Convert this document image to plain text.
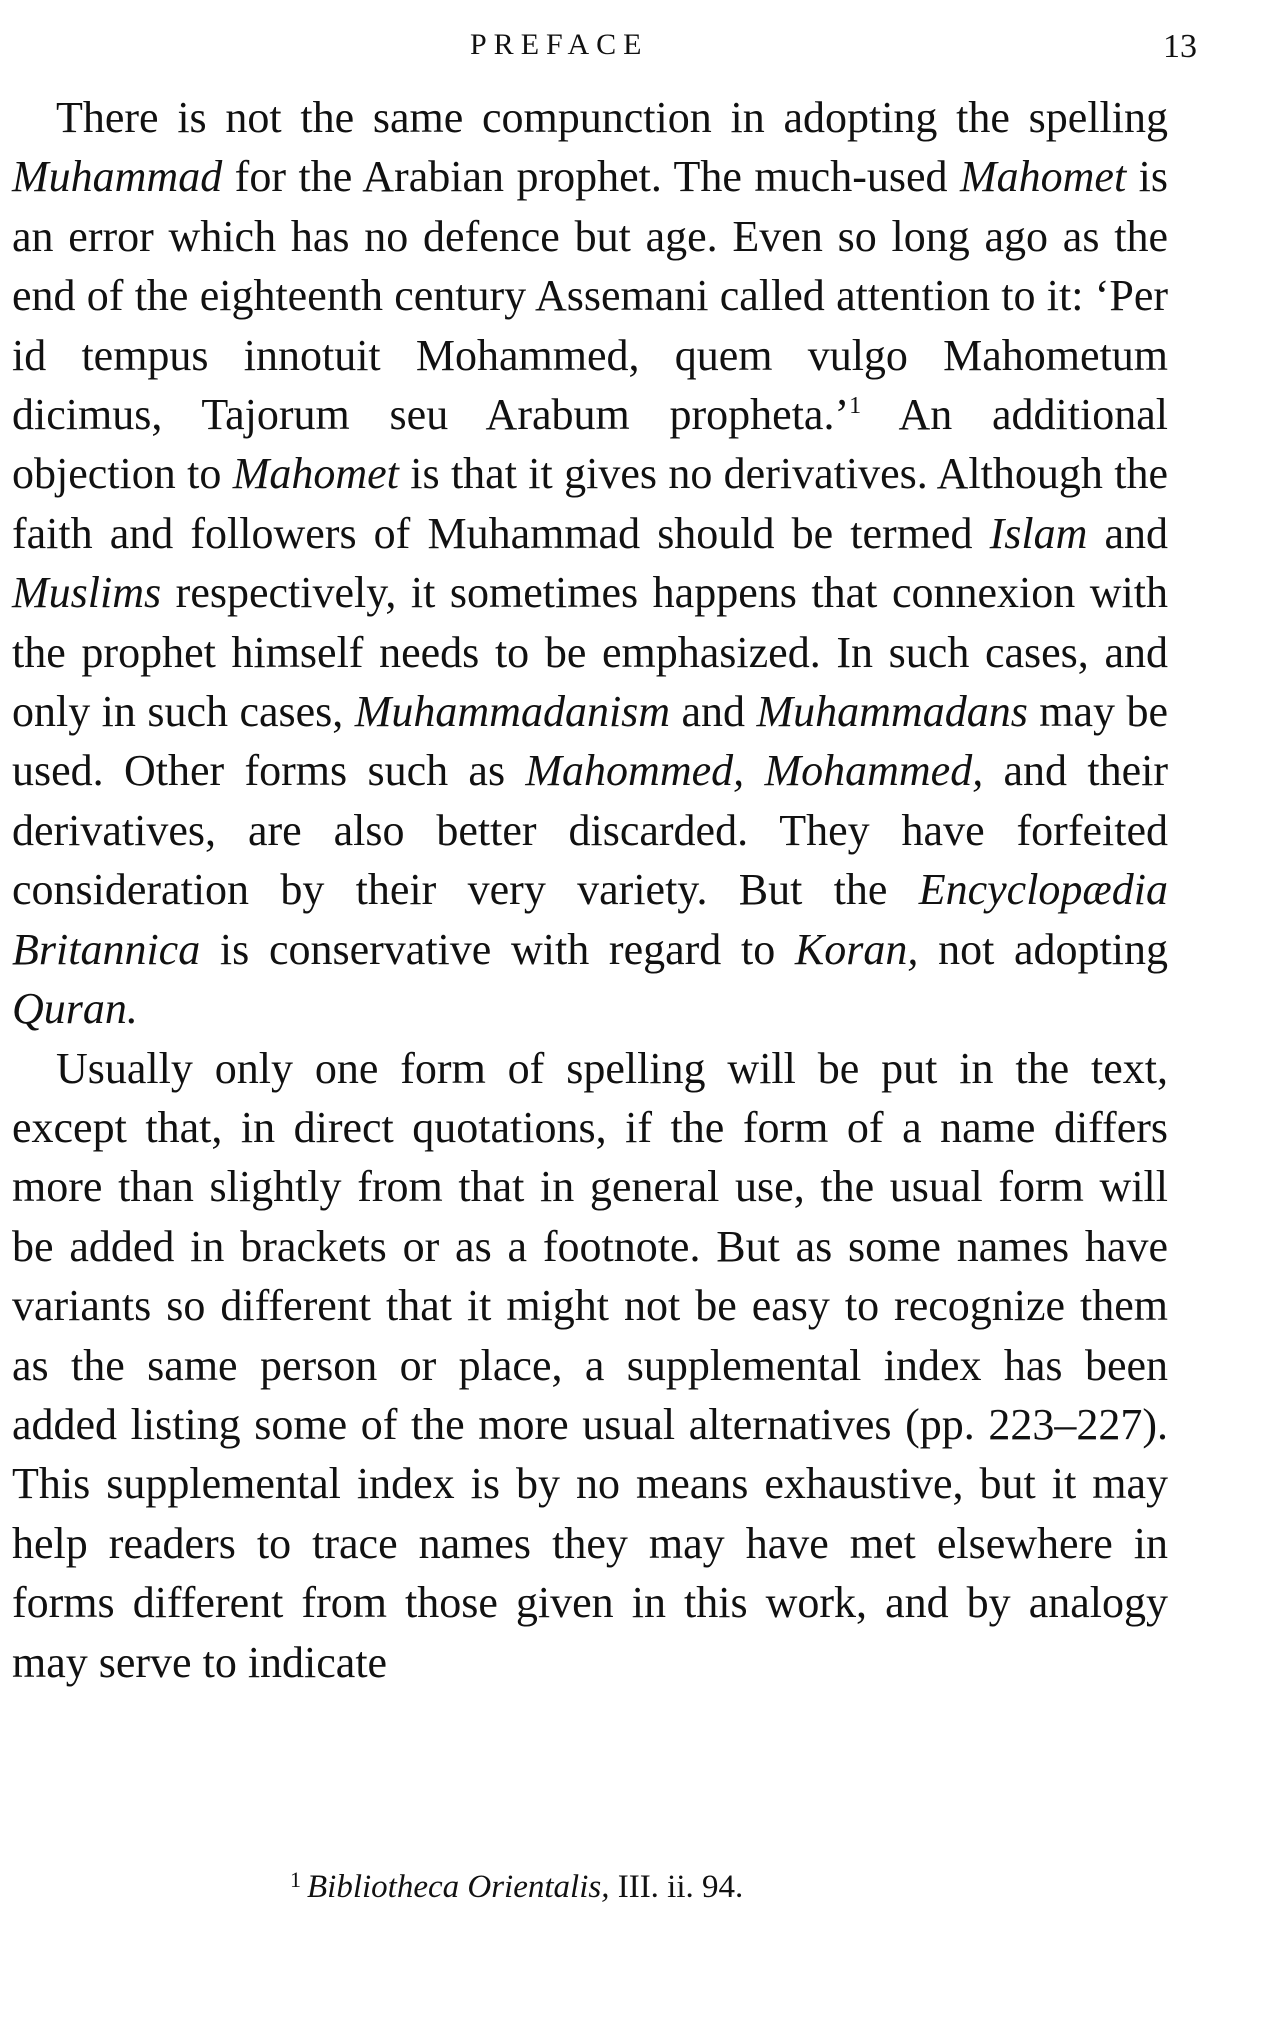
PREFACE	13

There is not the same compunction in adopting the spelling Muhammad for the Arabian prophet. The much-used Mahomet is an error which has no defence but age. Even so long ago as the end of the eighteenth century Assemani called attention to it: ‘Per id tempus innotuit Mohammed, quem vulgo Mahometum dicimus, Tajorum seu Arabum propheta.’$^1$ An additional objection to Mahomet is that it gives no derivatives. Although the faith and followers of Muhammad should be termed Islam and Muslims respectively, it sometimes happens that connexion with the prophet himself needs to be emphasized. In such cases, and only in such cases, Muhammadanism and Muhammadans may be used. Other forms such as Mahommed, Mohammed, and their derivatives, are also better discarded. They have forfeited consideration by their very variety. But the Encyclopædia Britannica is conservative with regard to Koran, not adopting Quran.

Usually only one form of spelling will be put in the text, except that, in direct quotations, if the form of a name differs more than slightly from that in general use, the usual form will be added in brackets or as a footnote. But as some names have variants so different that it might not be easy to recognize them as the same person or place, a supplemental index has been added listing some of the more usual alternatives (pp. 223–227). This supplemental index is by no means exhaustive, but it may help readers to trace names they may have met elsewhere in forms different from those given in this work, and by analogy may serve to indicate

$^1$ Bibliotheca Orientalis, III. ii. 94.
